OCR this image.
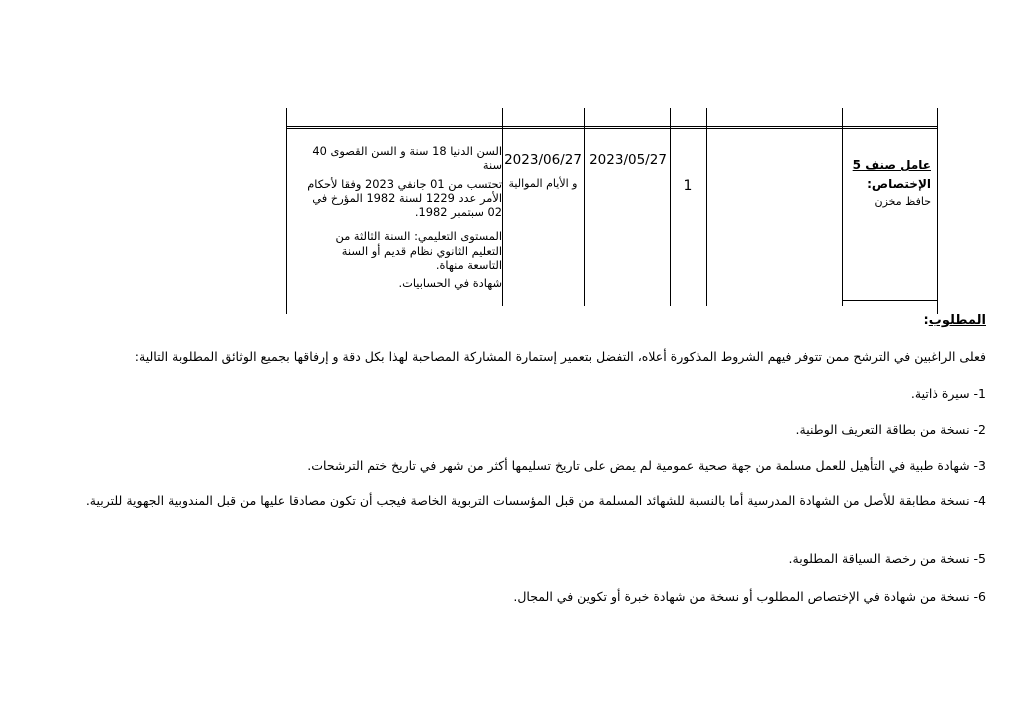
عامل صنف 5
الإختصاص:
حافظ مخزن
1
2023/05/27
2023/06/27
و الأيام الموالية

السن الدنيا 18 سنة و السن القصوى 40 سنة

تحتسب من 01 جانفي 2023 وفقا لأحكام الأمر عدد 1229 لسنة 1982 المؤرخ في 02 سبتمبر 1982.

المستوى التعليمي: السنة الثالثة من التعليم الثانوي نظام قديم أو السنة التاسعة منهاة.

شهادة في الحسابيات.

المطلوب:
فعلى الراغبين في الترشح ممن تتوفر فيهم الشروط المذكورة أعلاه، التفضل بتعمير إستمارة المشاركة المصاحبة لهذا بكل دقة و إرفاقها بجميع الوثائق المطلوبة التالية:
1- سيرة ذاتية.
2- نسخة من بطاقة التعريف الوطنية.
3- شهادة طبية في التأهيل للعمل مسلمة من جهة صحية عمومية لم يمض على تاريخ تسليمها أكثر من شهر في تاريخ ختم الترشحات.
4- نسخة مطابقة للأصل من الشهادة المدرسية أما بالنسبة للشهائد المسلمة من قبل المؤسسات التربوية الخاصة فيجب أن تكون مصادقا عليها من قبل المندوبية الجهوية للتربية.
5- نسخة من رخصة السياقة المطلوبة.
6- نسخة من شهادة في الإختصاص المطلوب أو نسخة من شهادة خبرة أو تكوين في المجال.
